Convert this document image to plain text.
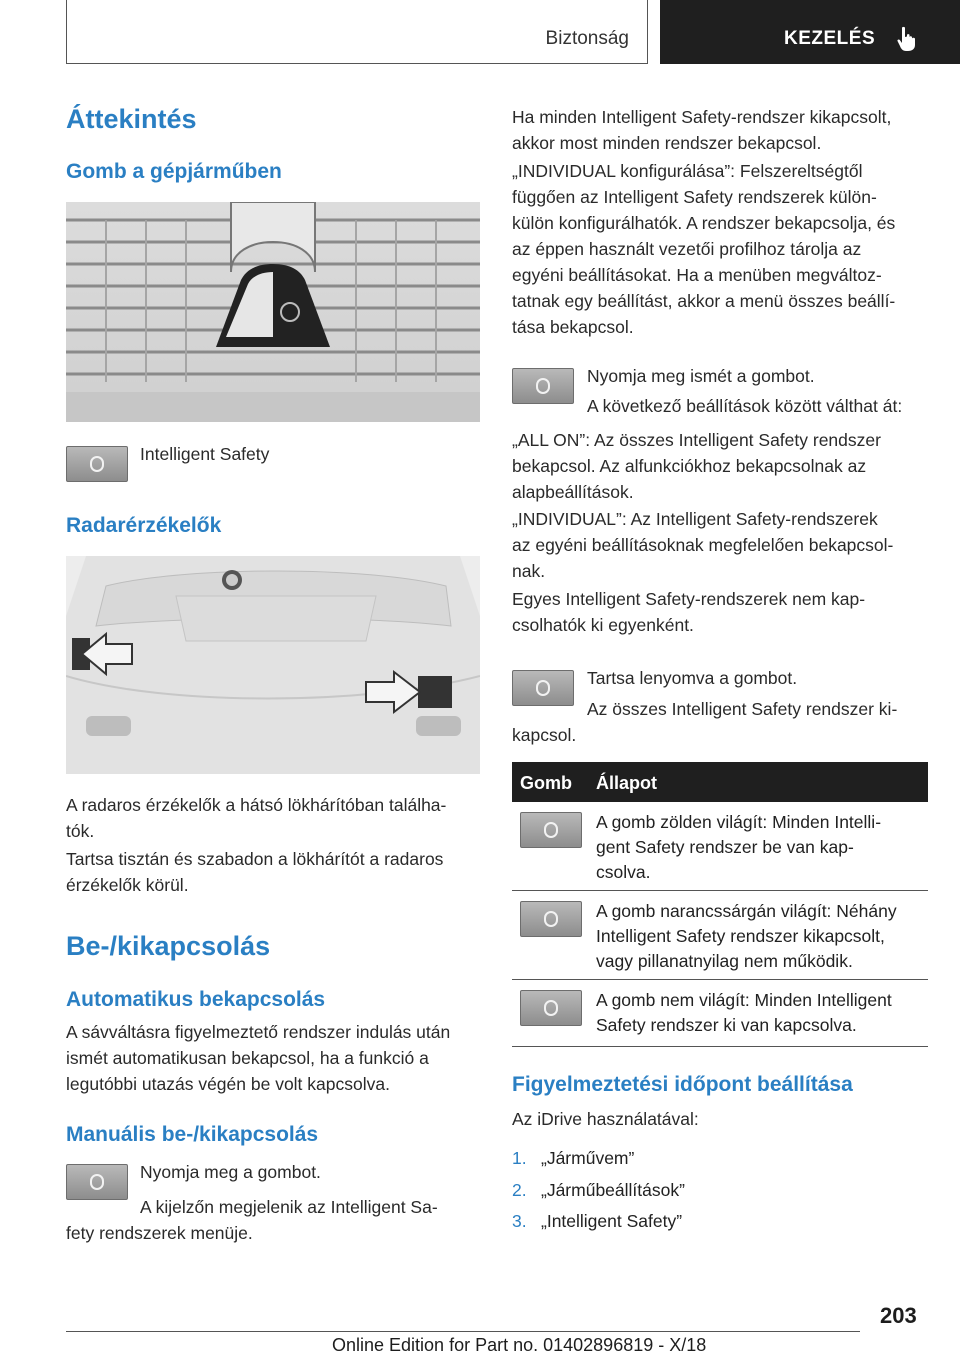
Biztonság	KEZELÉS
Áttekintés
Gomb a gépjárműben

Intelligent Safety

Radarérzékelők

A radaros érzékelők a hátsó lökhárítóban találha-

tók.

Tartsa tisztán és szabadon a lökhárítót a radaros

érzékelők körül.

Be-/kikapcsolás
Automatikus bekapcsolás

A sávváltásra figyelmeztető rendszer indulás után

ismét automatikusan bekapcsol, ha a funkció a

legutóbbi utazás végén be volt kapcsolva.

Manuális be-/kikapcsolás

Nyomja meg a gombot.

A kijelzőn megjelenik az Intelligent Sa-

fety rendszerek menüje.

Ha minden Intelligent Safety-rendszer kikapcsolt,

akkor most minden rendszer bekapcsol.

„INDIVIDUAL konfigurálása”: Felszereltségtől

függően az Intelligent Safety rendszerek külön-

külön konfigurálhatók. A rendszer bekapcsolja, és

az éppen használt vezetői profilhoz tárolja az

egyéni beállításokat. Ha a menüben megváltoz-

tatnak egy beállítást, akkor a menü összes beállí-

tása bekapcsol.

Nyomja meg ismét a gombot.

A következő beállítások között válthat át:

„ALL ON”: Az összes Intelligent Safety rendszer

bekapcsol. Az alfunkciókhoz bekapcsolnak az

alapbeállítások.

„INDIVIDUAL”: Az Intelligent Safety-rendszerek

az egyéni beállításoknak megfelelően bekapcsol-

nak.

Egyes Intelligent Safety-rendszerek nem kap-

csolhatók ki egyenként.

Tartsa lenyomva a gombot.

Az összes Intelligent Safety rendszer ki-

kapcsol.

Gomb Állapot
A gomb zölden világít: Minden Intelli-
gent Safety rendszer be van kap-
csolva.
A gomb narancssárgán világít: Néhány
Intelligent Safety rendszer kikapcsolt,
vagy pillanatnyilag nem működik.
A gomb nem világít: Minden Intelligent
Safety rendszer ki van kapcsolva.
Figyelmeztetési időpont beállítása

Az iDrive használatával:

1. „Járművem”
2. „Járműbeállítások”
3. „Intelligent Safety”
203
Online Edition for Part no. 01402896819 - X/18
